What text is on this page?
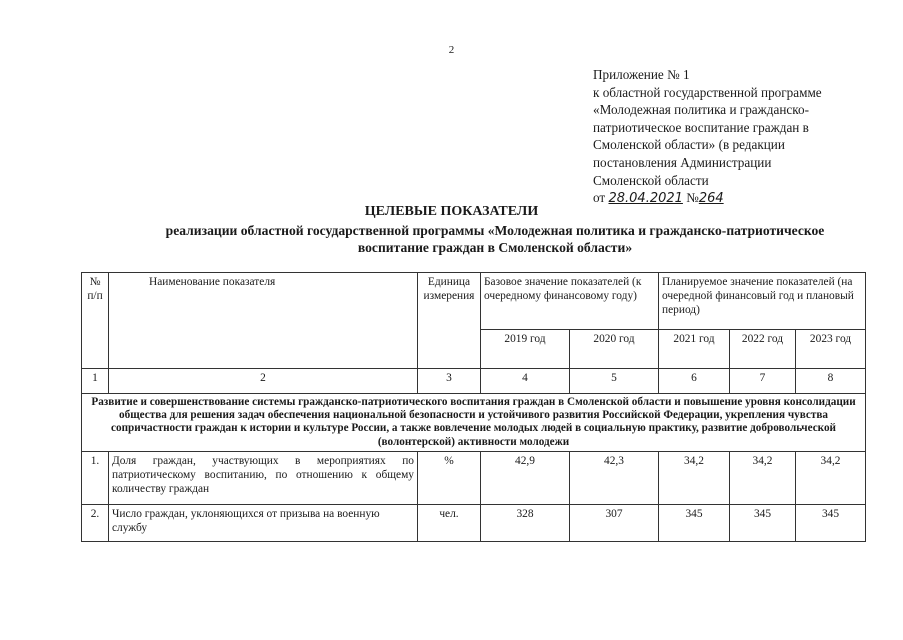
2
Приложение № 1
к областной государственной программе
«Молодежная политика и гражданско-
патриотическое воспитание граждан в
Смоленской области» (в редакции
постановления Администрации
Смоленской области
от 28.04.2021 №264
ЦЕЛЕВЫЕ ПОКАЗАТЕЛИ
реализации областной государственной программы «Молодежная политика и гражданско-патриотическое воспитание граждан в Смоленской области»
№ п/п	Наименование показателя	Единица измерения	Базовое значение показателей (к очередному финансовому году)		Планируемое значение показателей (на очередной финансовый год и плановый период)		
			2019 год	2020 год	2021 год	2022 год	2023 год
1	2	3	4	5	6	7	8
Развитие и совершенствование системы гражданско-патриотического воспитания граждан в Смоленской области и повышение уровня консолидации общества для решения задач обеспечения национальной безопасности и устойчивого развития Российской Федерации, укрепления чувства сопричастности граждан к истории и культуре России, а также вовлечение молодых людей в социальную практику, развитие добровольческой (волонтерской) активности молодежи							
1.	Доля граждан, участвующих в мероприятиях по патриотическому воспитанию, по отношению к общему количеству граждан	%	42,9	42,3	34,2	34,2	34,2
2.	Число граждан, уклоняющихся от призыва на военную службу	чел.	328	307	345	345	345
